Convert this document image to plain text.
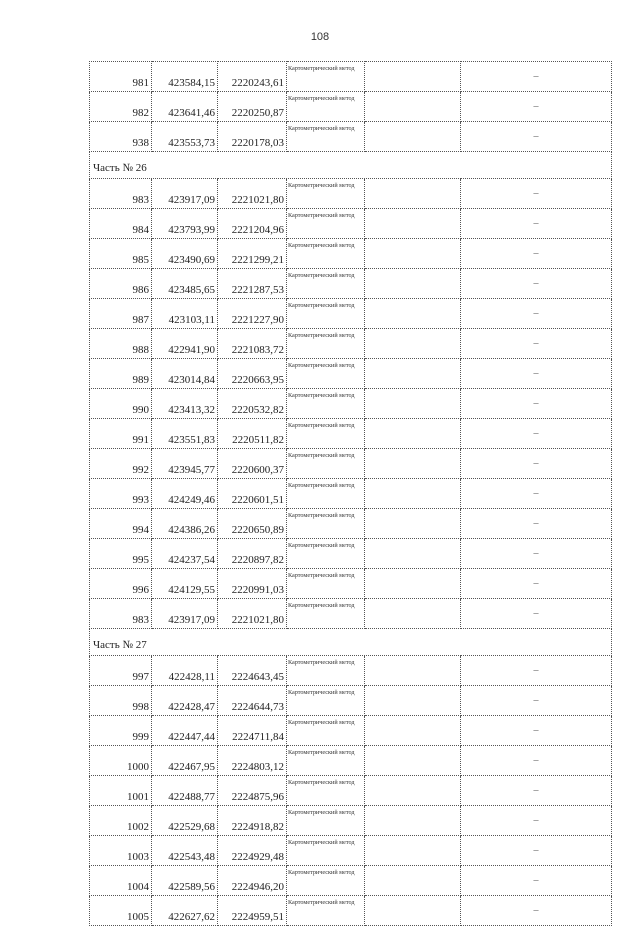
108
981	423584,15	2220243,61	Картометрический метод		–
982	423641,46	2220250,87	Картометрический метод		–
938	423553,73	2220178,03	Картометрический метод		–
Часть № 26					
983	423917,09	2221021,80	Картометрический метод		–
984	423793,99	2221204,96	Картометрический метод		–
985	423490,69	2221299,21	Картометрический метод		–
986	423485,65	2221287,53	Картометрический метод		–
987	423103,11	2221227,90	Картометрический метод		–
988	422941,90	2221083,72	Картометрический метод		–
989	423014,84	2220663,95	Картометрический метод		–
990	423413,32	2220532,82	Картометрический метод		–
991	423551,83	2220511,82	Картометрический метод		–
992	423945,77	2220600,37	Картометрический метод		–
993	424249,46	2220601,51	Картометрический метод		–
994	424386,26	2220650,89	Картометрический метод		–
995	424237,54	2220897,82	Картометрический метод		–
996	424129,55	2220991,03	Картометрический метод		–
983	423917,09	2221021,80	Картометрический метод		–
Часть № 27					
997	422428,11	2224643,45	Картометрический метод		–
998	422428,47	2224644,73	Картометрический метод		–
999	422447,44	2224711,84	Картометрический метод		–
1000	422467,95	2224803,12	Картометрический метод		–
1001	422488,77	2224875,96	Картометрический метод		–
1002	422529,68	2224918,82	Картометрический метод		–
1003	422543,48	2224929,48	Картометрический метод		–
1004	422589,56	2224946,20	Картометрический метод		–
1005	422627,62	2224959,51	Картометрический метод		–
